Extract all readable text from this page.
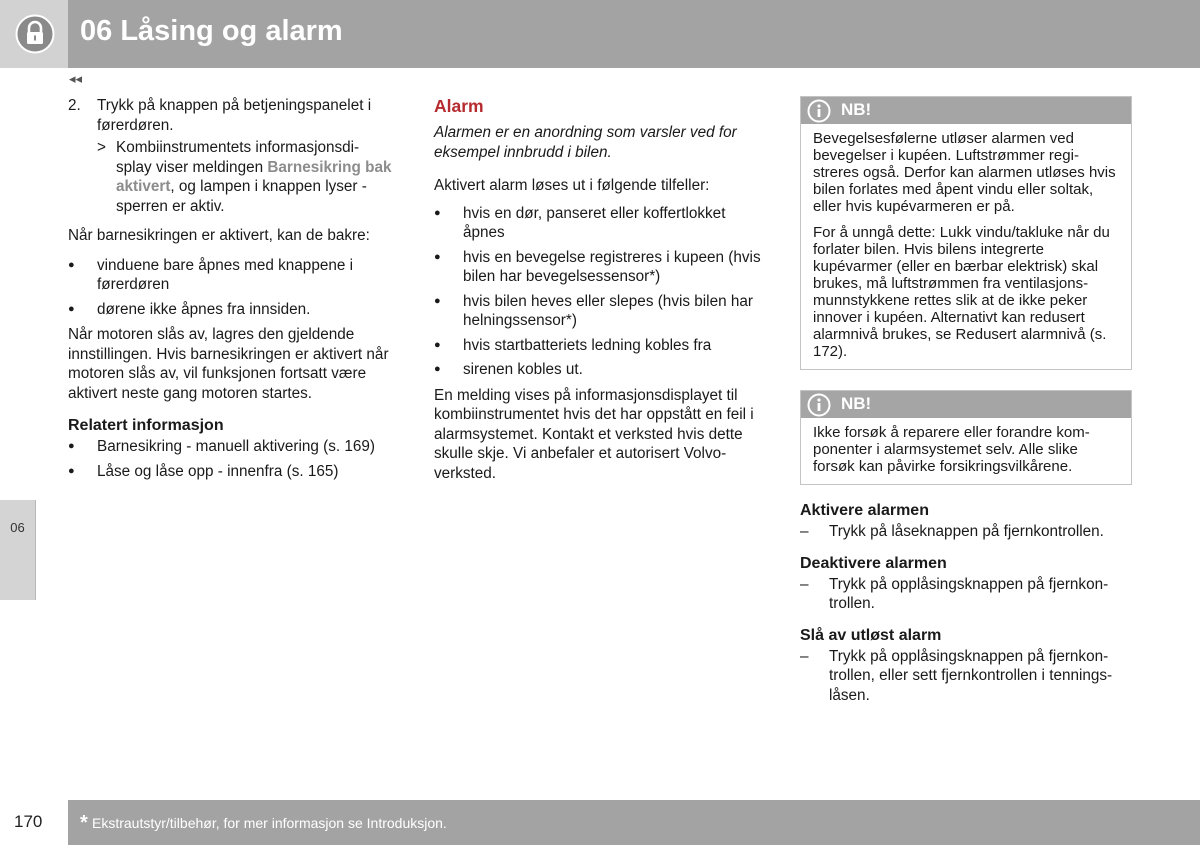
06 Låsing og alarm
◂◂
06
2. Trykk på knappen på betjeningspanelet i førerdøren.
> Kombiinstrumentets informasjonsdi-splay viser meldingen Barnesikring bak aktivert, og lampen i knappen lyser - sperren er aktiv.

Når barnesikringen er aktivert, kan de bakre:

● vinduene bare åpnes med knappene i førerdøren
● dørene ikke åpnes fra innsiden.

Når motoren slås av, lagres den gjeldende innstillingen. Hvis barnesikringen er aktivert når motoren slås av, vil funksjonen fortsatt være aktivert neste gang motoren startes.

Relatert informasjon
● Barnesikring - manuell aktivering (s. 169)
● Låse og låse opp - innenfra (s. 165)
Alarm

Alarmen er en anordning som varsler ved for eksempel innbrudd i bilen.

Aktivert alarm løses ut i følgende tilfeller:

● hvis en dør, panseret eller koffertlokket åpnes
● hvis en bevegelse registreres i kupeen (hvis bilen har bevegelsessensor*)
● hvis bilen heves eller slepes (hvis bilen har helningssensor*)
● hvis startbatteriets ledning kobles fra
● sirenen kobles ut.

En melding vises på informasjonsdisplayet til kombiinstrumentet hvis det har oppstått en feil i alarmsystemet. Kontakt et verksted hvis dette skulle skje. Vi anbefaler et autorisert Volvo-verksted.

NB!

Bevegelsesfølerne utløser alarmen ved bevegelser i kupéen. Luftstrømmer regi-streres også. Derfor kan alarmen utløses hvis bilen forlates med åpent vindu eller soltak, eller hvis kupévarmeren er på.

For å unngå dette: Lukk vindu/takluke når du forlater bilen. Hvis bilens integrerte kupévarmer (eller en bærbar elektrisk) skal brukes, må luftstrømmen fra ventilasjons-munnstykkene rettes slik at de ikke peker innover i kupéen. Alternativt kan redusert alarmnivå brukes, se Redusert alarmnivå (s. 172).

NB!

Ikke forsøk å reparere eller forandre kom-ponenter i alarmsystemet selv. Alle slike forsøk kan påvirke forsikringsvilkårene.

Aktivere alarmen
– Trykk på låseknappen på fjernkontrollen.
Deaktivere alarmen
– Trykk på opplåsingsknappen på fjernkon-trollen.
Slå av utløst alarm
– Trykk på opplåsingsknappen på fjernkon-trollen, eller sett fjernkontrollen i tennings-låsen.
170 * Ekstrautstyr/tilbehør, for mer informasjon se Introduksjon.
